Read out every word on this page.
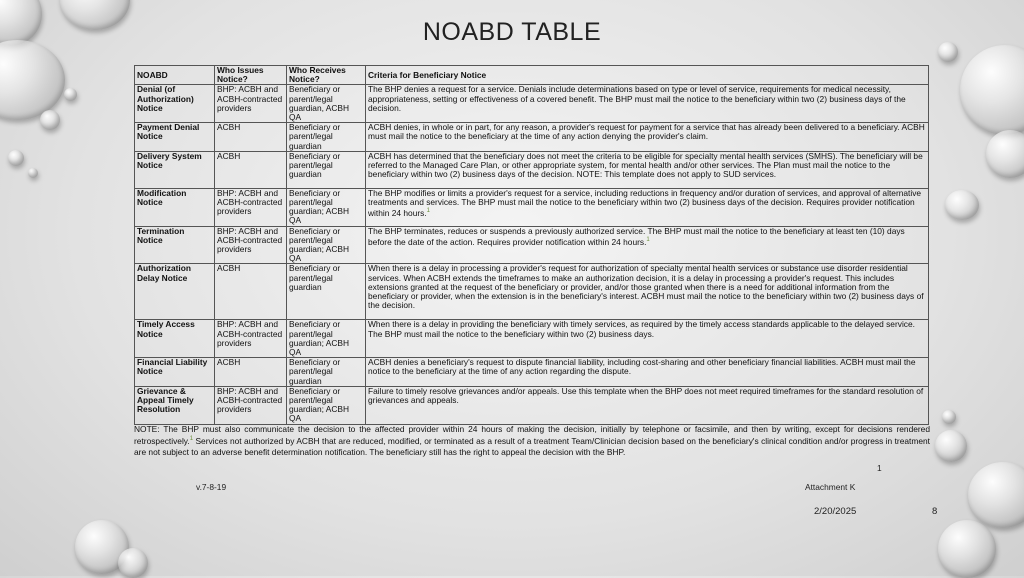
NOABD TABLE
NOABD	Who Issues Notice?	Who Receives Notice?	Criteria for Beneficiary Notice
Denial (of Authorization) Notice	BHP: ACBH and ACBH-contracted providers	Beneficiary or parent/legal guardian, ACBH QA	The BHP denies a request for a service. Denials include determinations based on type or level of service, requirements for medical necessity, appropriateness, setting or effectiveness of a covered benefit. The BHP must mail the notice to the beneficiary within two (2) business days of the decision.
Payment Denial Notice	ACBH	Beneficiary or parent/legal guardian	ACBH denies, in whole or in part, for any reason, a provider's request for payment for a service that has already been delivered to a beneficiary. ACBH must mail the notice to the beneficiary at the time of any action denying the provider's claim.
Delivery System Notice	ACBH	Beneficiary or parent/legal guardian	ACBH has determined that the beneficiary does not meet the criteria to be eligible for specialty mental health services (SMHS). The beneficiary will be referred to the Managed Care Plan, or other appropriate system, for mental health and/or other services. The Plan must mail the notice to the beneficiary within two (2) business days of the decision. NOTE: This template does not apply to SUD services.
Modification Notice	BHP: ACBH and ACBH-contracted providers	Beneficiary or parent/legal guardian; ACBH QA	The BHP modifies or limits a provider's request for a service, including reductions in frequency and/or duration of services, and approval of alternative treatments and services. The BHP must mail the notice to the beneficiary within two (2) business days of the decision. Requires provider notification within 24 hours.$^1$
Termination Notice	BHP: ACBH and ACBH-contracted providers	Beneficiary or parent/legal guardian; ACBH QA	The BHP terminates, reduces or suspends a previously authorized service. The BHP must mail the notice to the beneficiary at least ten (10) days before the date of the action. Requires provider notification within 24 hours.$^1$
Authorization Delay Notice	ACBH	Beneficiary or parent/legal guardian	When there is a delay in processing a provider's request for authorization of specialty mental health services or substance use disorder residential services. When ACBH extends the timeframes to make an authorization decision, it is a delay in processing a provider's request. This includes extensions granted at the request of the beneficiary or provider, and/or those granted when there is a need for additional information from the beneficiary or provider, when the extension is in the beneficiary's interest. ACBH must mail the notice to the beneficiary within two (2) business days of the decision.
Timely Access Notice	BHP: ACBH and ACBH-contracted providers	Beneficiary or parent/legal guardian; ACBH QA	When there is a delay in providing the beneficiary with timely services, as required by the timely access standards applicable to the delayed service. The BHP must mail the notice to the beneficiary within two (2) business days.
Financial Liability Notice	ACBH	Beneficiary or parent/legal guardian	ACBH denies a beneficiary's request to dispute financial liability, including cost-sharing and other beneficiary financial liabilities. ACBH must mail the notice to the beneficiary at the time of any action regarding the dispute.
Grievance & Appeal Timely Resolution	BHP: ACBH and ACBH-contracted providers	Beneficiary or parent/legal guardian; ACBH QA	Failure to timely resolve grievances and/or appeals. Use this template when the BHP does not meet required timeframes for the standard resolution of grievances and appeals.
NOTE: The BHP must also communicate the decision to the affected provider within 24 hours of making the decision, initially by telephone or facsimile, and then by writing, except for decisions rendered retrospectively.$^1$ Services not authorized by ACBH that are reduced, modified, or terminated as a result of a treatment Team/Clinician decision based on the beneficiary's clinical condition and/or progress in treatment are not subject to an adverse benefit determination notification. The beneficiary still has the right to appeal the decision with the BHP.
1
v.7-8-19	Attachment K
2/20/2025	8
